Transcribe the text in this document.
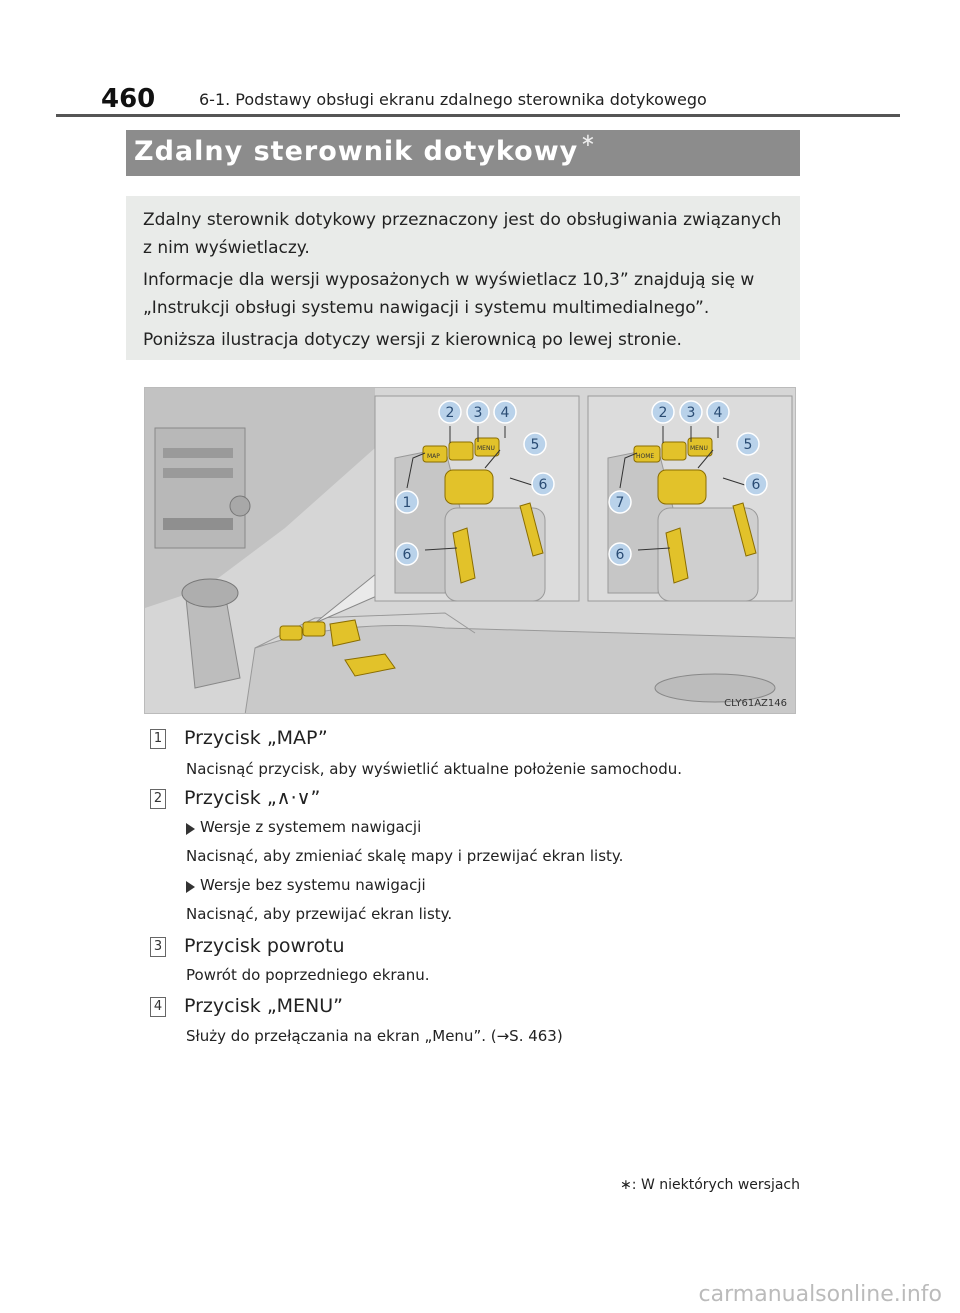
460	6-1. Podstawy obsługi ekranu zdalnego sterownika dotykowego
Zdalny sterownik dotykowy ∗
Zdalny sterownik dotykowy przeznaczony jest do obsługiwania związanych z nim wyświetlaczy.
Informacje dla wersji wyposażonych w wyświetlacz 10,3” znajdują się w „Instrukcji obsługi systemu nawigacji i systemu multimedialnego”.
Poniższa ilustracja dotyczy wersji z kierownicą po lewej stronie.
MAP
MENU
HOME
MENU
2 3 4
5
6
1
6
2 3 4
5
6
7
6
CLY61AZ146
1 Przycisk „MAP”
Nacisnąć przycisk, aby wyświetlić aktualne położenie samochodu.
2 Przycisk „∧·∨”
Wersje z systemem nawigacji
Nacisnąć, aby zmieniać skalę mapy i przewijać ekran listy.
Wersje bez systemu nawigacji
Nacisnąć, aby przewijać ekran listy.
3 Przycisk powrotu
Powrót do poprzedniego ekranu.
4 Przycisk „MENU”
Służy do przełączania na ekran „Menu”. (→S. 463)
∗: W niektórych wersjach
carmanualsonline.info
